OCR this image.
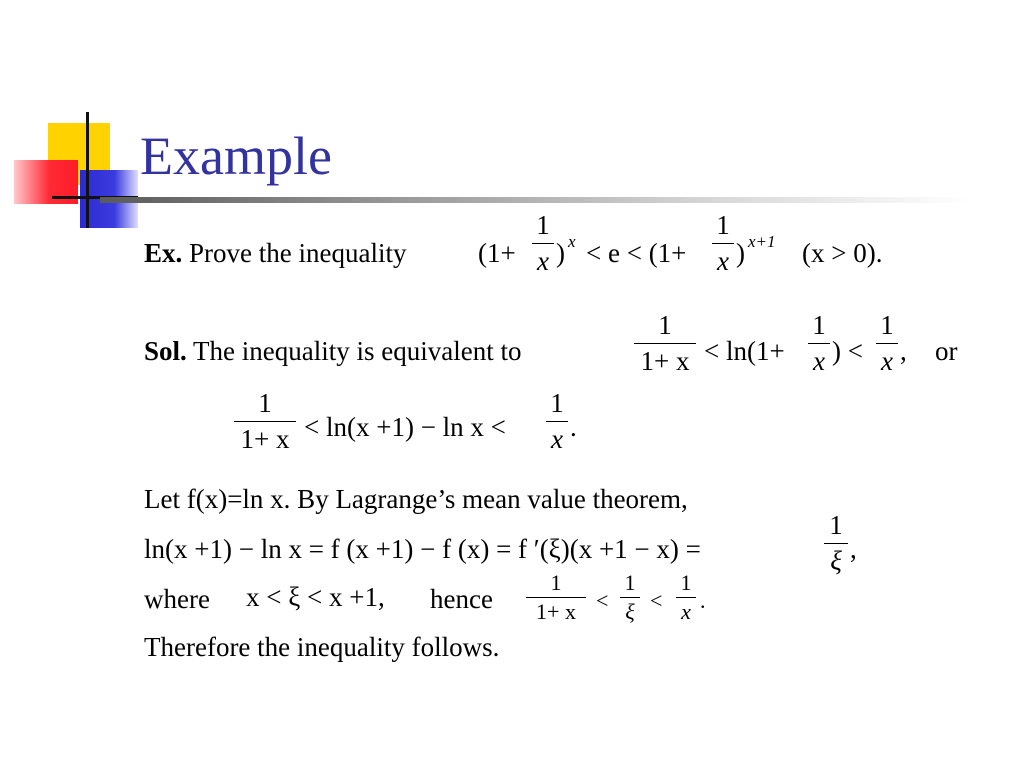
Example
Ex. Prove the inequality	(1+
1
x ) x < e < (1+
1
x ) x+1 (x > 0).
Sol. The inequality is equivalent to
1
1+ x < ln(1+
1
x ) <
1
x , or
1
1+ x < ln(x +1) − ln x <
1
x .
Let f(x)=ln x. By Lagrange’s mean value theorem,
ln(x +1) − ln x = f (x +1) − f (x) = f ′(ξ)(x +1 − x) =
1
ξ ,
where x < ξ < x +1, hence
1
1+ x <
1
ξ <
1
x .
Therefore the inequality follows.
